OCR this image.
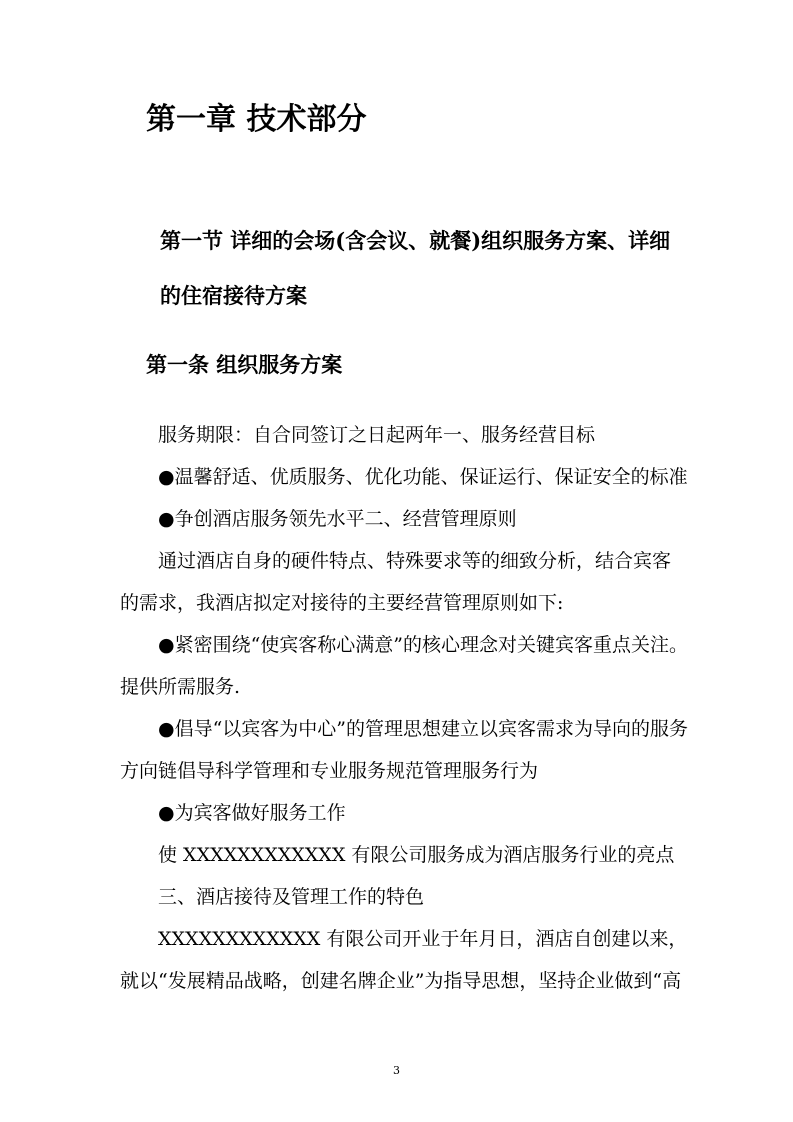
第一章 技术部分
第一节 详细的会场(含会议、就餐)组织服务方案、详细
的住宿接待方案
第一条 组织服务方案

服务期限：自合同签订之日起两年一、服务经营目标

●温馨舒适、优质服务、优化功能、保证运行、保证安全的标准

●争创酒店服务领先水平二、经营管理原则

通过酒店自身的硬件特点、特殊要求等的细致分析，结合宾客

的需求，我酒店拟定对接待的主要经营管理原则如下:

●紧密围绕“使宾客称心满意”的核心理念对关键宾客重点关注。

提供所需服务.

●倡导“以宾客为中心”的管理思想建立以宾客需求为导向的服务

方向链倡导科学管理和专业服务规范管理服务行为

●为宾客做好服务工作

使 XXXXXXXXXXXX 有限公司服务成为酒店服务行业的亮点

三、酒店接待及管理工作的特色

XXXXXXXXXXXX 有限公司开业于年月日，酒店自创建以来，

就以“发展精品战略，创建名牌企业”为指导思想，坚持企业做到“高

3
